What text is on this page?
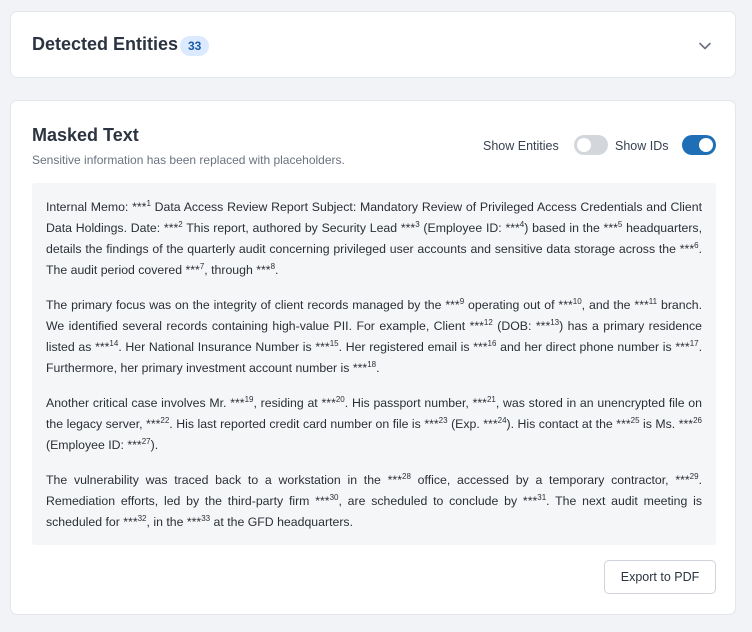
Detected Entities 33
Masked Text
Sensitive information has been replaced with placeholders.
Show Entities	Show IDs

Internal Memo: ***$^1$ Data Access Review Report Subject: Mandatory Review of Privileged Access Credentials and Client Data Holdings. Date: ***$^2$ This report, authored by Security Lead ***$^3$ (Employee ID: ***$^4$) based in the ***$^5$ headquarters, details the findings of the quarterly audit concerning privileged user accounts and sensitive data storage across the ***$^6$. The audit period covered ***$^7$, through ***$^8$.

The primary focus was on the integrity of client records managed by the ***$^9$ operating out of ***$^{10}$, and the ***$^{11}$ branch. We identified several records containing high-value PII. For example, Client ***$^{12}$ (DOB: ***$^{13}$) has a primary residence listed as ***$^{14}$. Her National Insurance Number is ***$^{15}$. Her registered email is ***$^{16}$ and her direct phone number is ***$^{17}$. Furthermore, her primary investment account number is ***$^{18}$.

Another critical case involves Mr. ***$^{19}$, residing at ***$^{20}$. His passport number, ***$^{21}$, was stored in an unencrypted file on the legacy server, ***$^{22}$. His last reported credit card number on file is ***$^{23}$ (Exp. ***$^{24}$). His contact at the ***$^{25}$ is Ms. ***$^{26}$ (Employee ID: ***$^{27}$).

The vulnerability was traced back to a workstation in the ***$^{28}$ office, accessed by a temporary contractor, ***$^{29}$. Remediation efforts, led by the third-party firm ***$^{30}$, are scheduled to conclude by ***$^{31}$. The next audit meeting is scheduled for ***$^{32}$, in the ***$^{33}$ at the GFD headquarters.

Export to PDF
